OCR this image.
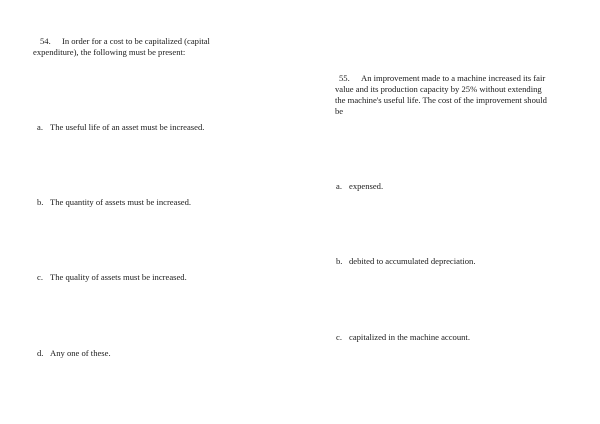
54. In order for a cost to be capitalized (capital
expenditure), the following must be present:

a. The useful life of an asset must be increased.

b. The quantity of assets must be increased.

c. The quality of assets must be increased.

d. Any one of these.

55. An improvement made to a machine increased its fair
value and its production capacity by 25% without extending
the machine's useful life. The cost of the improvement should
be

a. expensed.

b. debited to accumulated depreciation.

c. capitalized in the machine account.
